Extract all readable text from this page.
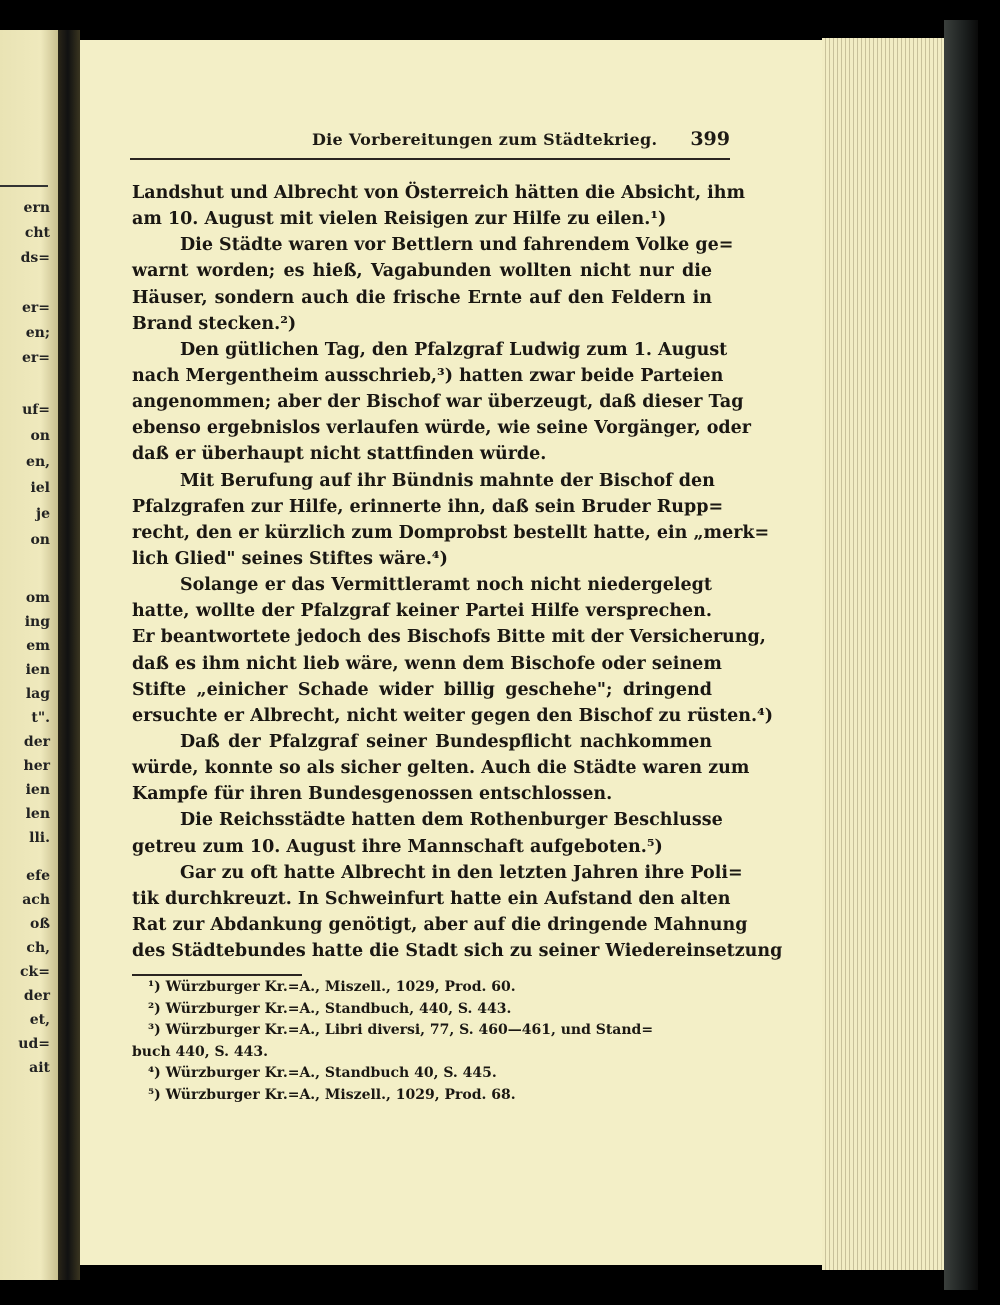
ern
cht
ds=
er=
en;
er=
uf=
on
en,
iel
je
on
om
ing
em
ien
lag
t".
der
her
ien
len
lli.
efe
ach
oß
ch,
ck=
der
et,
ud=
ait
Die Vorbereitungen zum Städtekrieg. 399
Landshut und Albrecht von Österreich hätten die Absicht, ihm
am 10. August mit vielen Reisigen zur Hilfe zu eilen.¹)
Die Städte waren vor Bettlern und fahrendem Volke ge=
warnt worden; es hieß, Vagabunden wollten nicht nur die
Häuser, sondern auch die frische Ernte auf den Feldern in
Brand stecken.²)
Den gütlichen Tag, den Pfalzgraf Ludwig zum 1. August
nach Mergentheim ausschrieb,³) hatten zwar beide Parteien
angenommen; aber der Bischof war überzeugt, daß dieser Tag
ebenso ergebnislos verlaufen würde, wie seine Vorgänger, oder
daß er überhaupt nicht stattfinden würde.
Mit Berufung auf ihr Bündnis mahnte der Bischof den
Pfalzgrafen zur Hilfe, erinnerte ihn, daß sein Bruder Rupp=
recht, den er kürzlich zum Domprobst bestellt hatte, ein „merk=
lich Glied" seines Stiftes wäre.⁴)
Solange er das Vermittleramt noch nicht niedergelegt
hatte, wollte der Pfalzgraf keiner Partei Hilfe versprechen.
Er beantwortete jedoch des Bischofs Bitte mit der Versicherung,
daß es ihm nicht lieb wäre, wenn dem Bischofe oder seinem
Stifte „einicher Schade wider billig geschehe"; dringend
ersuchte er Albrecht, nicht weiter gegen den Bischof zu rüsten.⁴)
Daß der Pfalzgraf seiner Bundespflicht nachkommen
würde, konnte so als sicher gelten. Auch die Städte waren zum
Kampfe für ihren Bundesgenossen entschlossen.
Die Reichsstädte hatten dem Rothenburger Beschlusse
getreu zum 10. August ihre Mannschaft aufgeboten.⁵)
Gar zu oft hatte Albrecht in den letzten Jahren ihre Poli=
tik durchkreuzt. In Schweinfurt hatte ein Aufstand den alten
Rat zur Abdankung genötigt, aber auf die dringende Mahnung
des Städtebundes hatte die Stadt sich zu seiner Wiedereinsetzung
¹) Würzburger Kr.=A., Miszell., 1029, Prod. 60.
²) Würzburger Kr.=A., Standbuch, 440, S. 443.
³) Würzburger Kr.=A., Libri diversi, 77, S. 460—461, und Stand=
buch 440, S. 443.
⁴) Würzburger Kr.=A., Standbuch 40, S. 445.
⁵) Würzburger Kr.=A., Miszell., 1029, Prod. 68.
